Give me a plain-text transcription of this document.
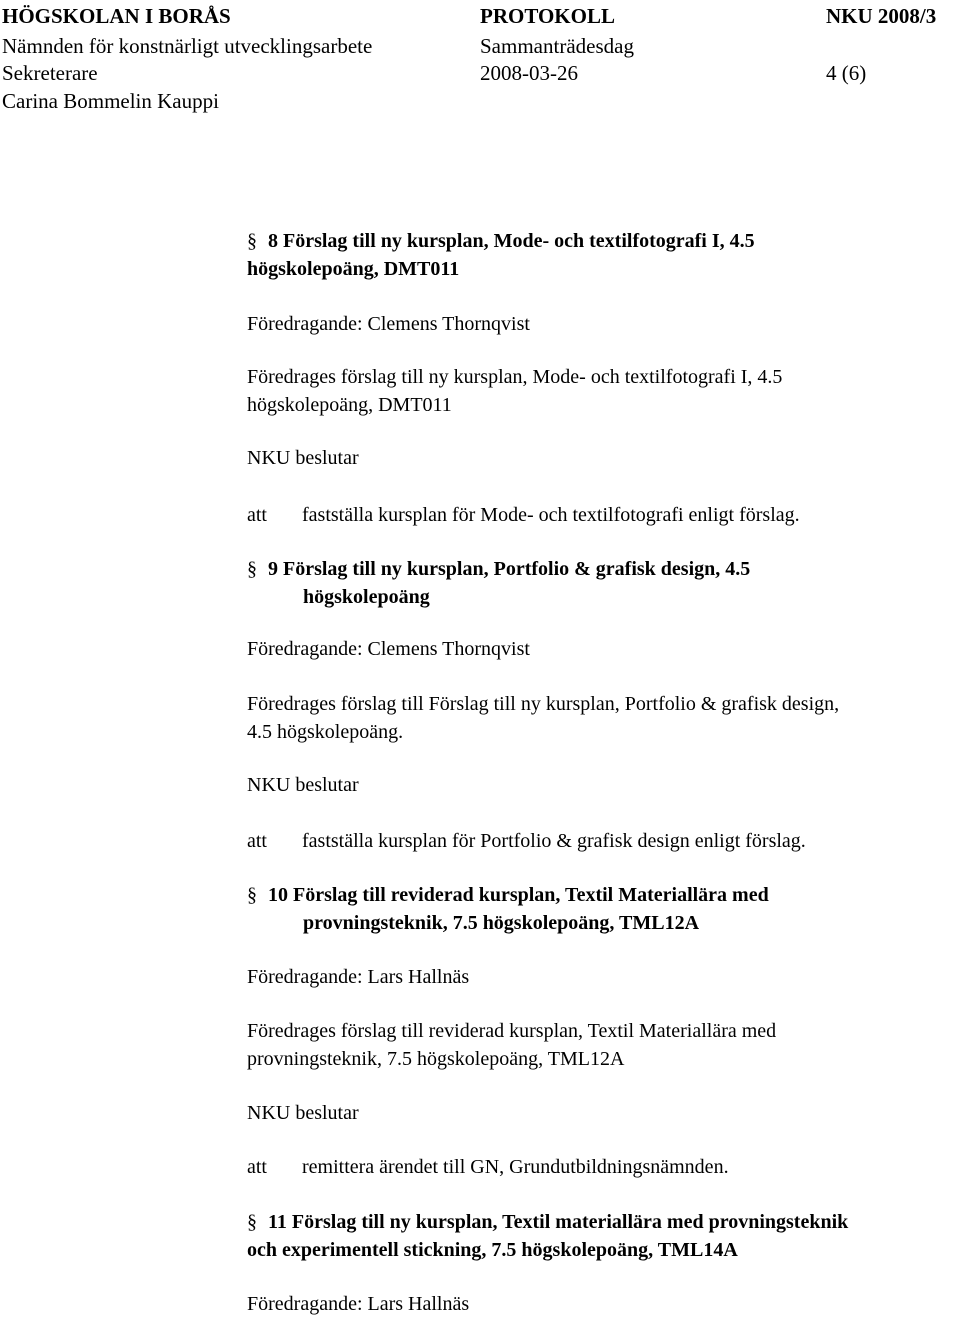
HÖGSKOLAN I BORÅS	PROTOKOLL	NKU 2008/3
Nämnden för konstnärligt utvecklingsarbete	Sammanträdesdag
Sekreterare	2008-03-26	4 (6)
Carina Bommelin Kauppi
§ 8 Förslag till ny kursplan, Mode- och textilfotografi I, 4.5
högskolepoäng, DMT011
Föredragande: Clemens Thornqvist
Föredrages förslag till ny kursplan, Mode- och textilfotografi I, 4.5
högskolepoäng, DMT011
NKU beslutar
att fastställa kursplan för Mode- och textilfotografi enligt förslag.
§ 9 Förslag till ny kursplan, Portfolio & grafisk design, 4.5
högskolepoäng
Föredragande: Clemens Thornqvist
Föredrages förslag till Förslag till ny kursplan, Portfolio & grafisk design,
4.5 högskolepoäng.
NKU beslutar
att fastställa kursplan för Portfolio & grafisk design enligt förslag.
§ 10 Förslag till reviderad kursplan, Textil Materiallära med
provningsteknik, 7.5 högskolepoäng, TML12A
Föredragande: Lars Hallnäs
Föredrages förslag till reviderad kursplan, Textil Materiallära med
provningsteknik, 7.5 högskolepoäng, TML12A
NKU beslutar
att remittera ärendet till GN, Grundutbildningsnämnden.
§ 11 Förslag till ny kursplan, Textil materiallära med provningsteknik
och experimentell stickning, 7.5 högskolepoäng, TML14A
Föredragande: Lars Hallnäs
